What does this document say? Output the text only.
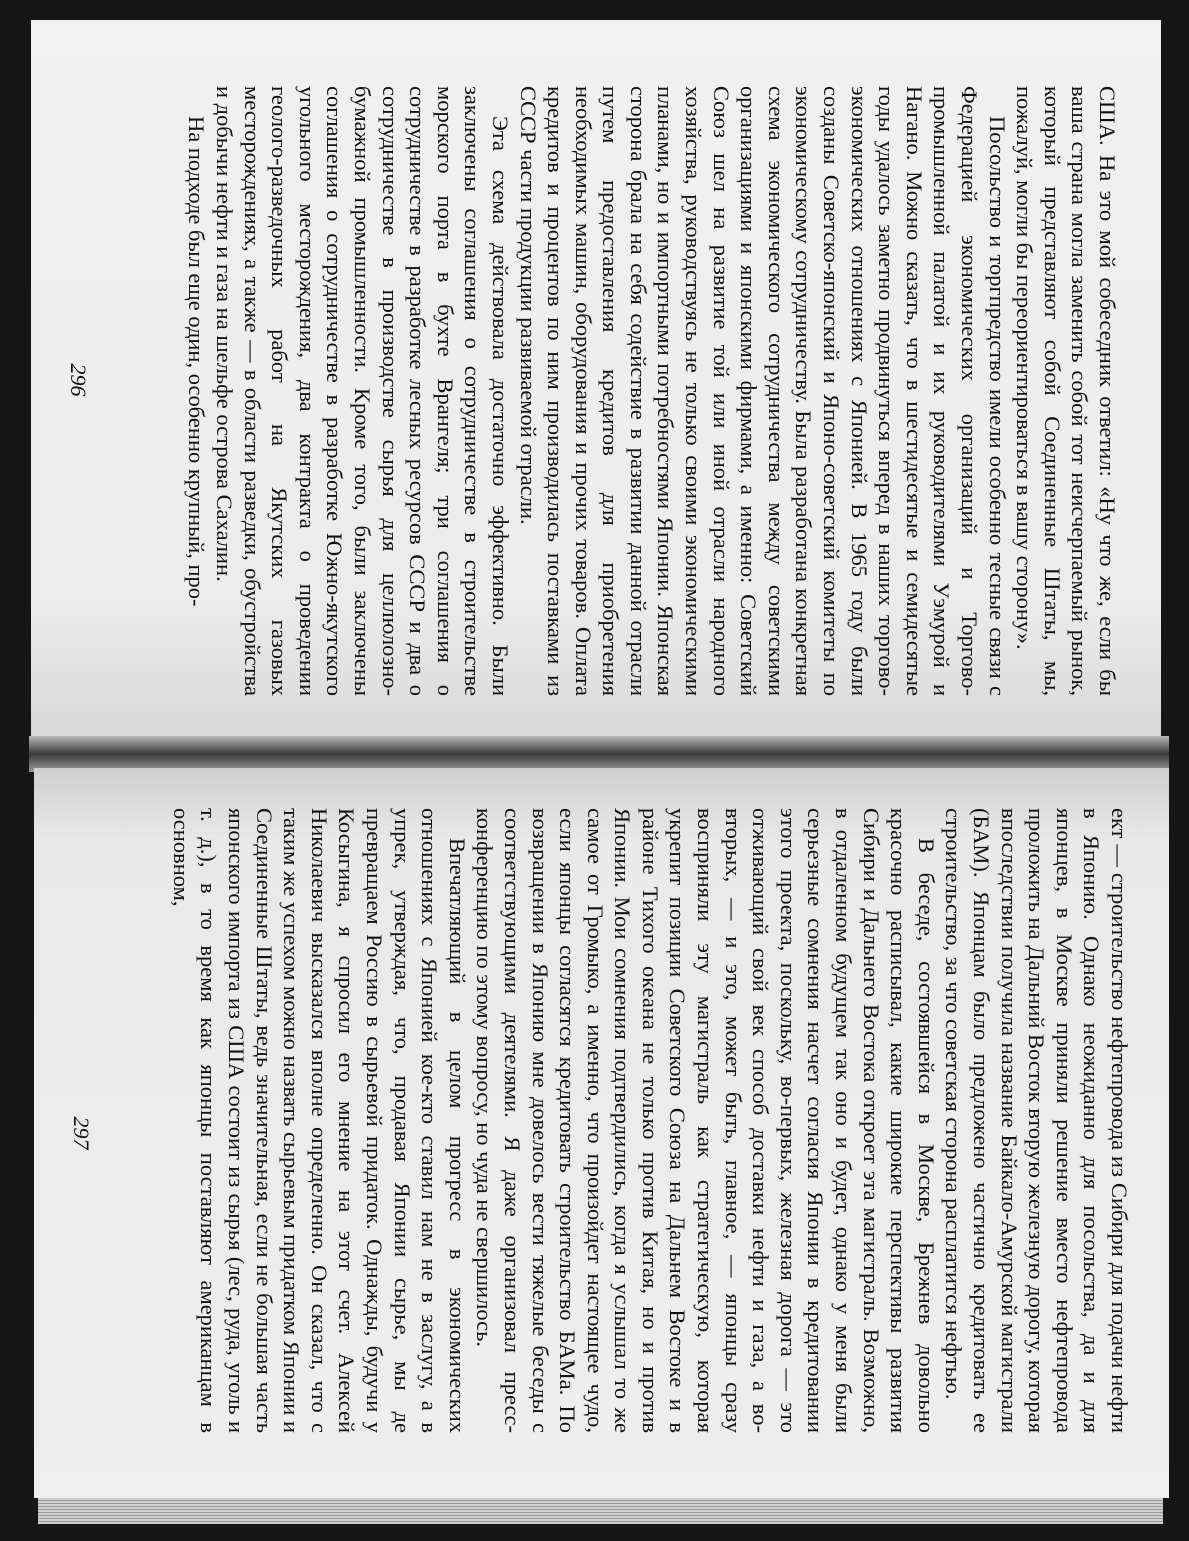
США. На это мой собеседник ответил: «Ну что же, если бы ваша страна могла заменить собой тот неисчерпаемый рынок, который представляют собой Соединенные Штаты, мы, пожалуй, могли бы переориентироваться в вашу сторону».

Посольство и торгпредство имели особенно тесные связи с Федерацией экономических организаций и Торгово-промышленной палатой и их руководителями Уэмурой и Нагано. Можно сказать, что в шестидесятые и семидесятые годы удалось заметно продвинуться вперед в наших торгово-экономических отношениях с Японией. В 1965 году были созданы Советско-японский и Японо-советский комитеты по экономическому сотрудничеству. Была разработана конкретная схема экономического сотрудничества между советскими организациями и японскими фирмами, а именно: Советский Союз шел на развитие той или иной отрасли народного хозяйства, руководствуясь не только своими экономическими планами, но и импортными потребностями Японии. Японская сторона брала на себя содействие в развитии данной отрасли путем предоставления кредитов для приобретения необходимых машин, оборудования и прочих товаров. Оплата кредитов и процентов по ним производилась поставками из СССР части продукции развиваемой отрасли.

Эта схема действовала достаточно эффективно. Были заключены соглашения о сотрудничестве в строительстве морского порта в бухте Врангеля; три соглашения о сотрудничестве в разработке лесных ресурсов СССР и два о сотрудничестве в производстве сырья для целлюлозно-бумажной промышленности. Кроме того, были заключены соглашения о сотрудничестве в разработке Южно-якутского угольного месторождения, два контракта о проведении геолого-разведочных работ на Якутских газовых месторождениях, а также — в области разведки, обустройства и добычи нефти и газа на шельфе острова Сахалин.

На подходе был еще один, особенно крупный, про-

296

ект — строительство нефтепровода из Сибири для подачи нефти в Японию. Однако неожиданно для посольства, да и для японцев, в Москве приняли решение вместо нефтепровода проложить на Дальний Восток вторую железную дорогу, которая впоследствии получила название Байкало-Амурской магистрали (БАМ). Японцам было предложено частично кредитовать ее строительство, за что советская сторона расплатится нефтью.

В беседе, состоявшейся в Москве, Брежнев довольно красочно расписывал, какие широкие перспективы развития Сибири и Дальнего Востока откроет эта магистраль. Возможно, в отдаленном будущем так оно и будет, однако у меня были серьезные сомнения насчет согласия Японии в кредитовании этого проекта, поскольку, во-первых, железная дорога — это отживающий свой век способ доставки нефти и газа, а во-вторых, — и это, может быть, главное, — японцы сразу восприняли эту магистраль как стратегическую, которая укрепит позиции Советского Союза на Дальнем Востоке и в районе Тихого океана не только против Китая, но и против Японии. Мои сомнения подтвердились, когда я услышал то же самое от Громыко, а именно, что произойдет настоящее чудо, если японцы согласятся кредитовать строительство БАМа. По возвращении в Японию мне довелось вести тяжелые беседы с соответствующими деятелями. Я даже организовал пресс-конференцию по этому вопросу, но чуда не свершилось.

Впечатляющий в целом прогресс в экономических отношениях с Японией кое-кто ставил нам не в заслугу, а в упрек, утверждая, что, продавая Японии сырье, мы де превращаем Россию в сырьевой придаток. Однажды, будучи у Косыгина, я спросил его мнение на этот счет. Алексей Николаевич высказался вполне определенно. Он сказал, что с таким же успехом можно назвать сырьевым придатком Японии и Соединенные Штаты, ведь значительная, если не большая часть японского импорта из США состоит из сырья (лес, руда, уголь и т. д.), в то время как японцы поставляют американцам в основном,

297
